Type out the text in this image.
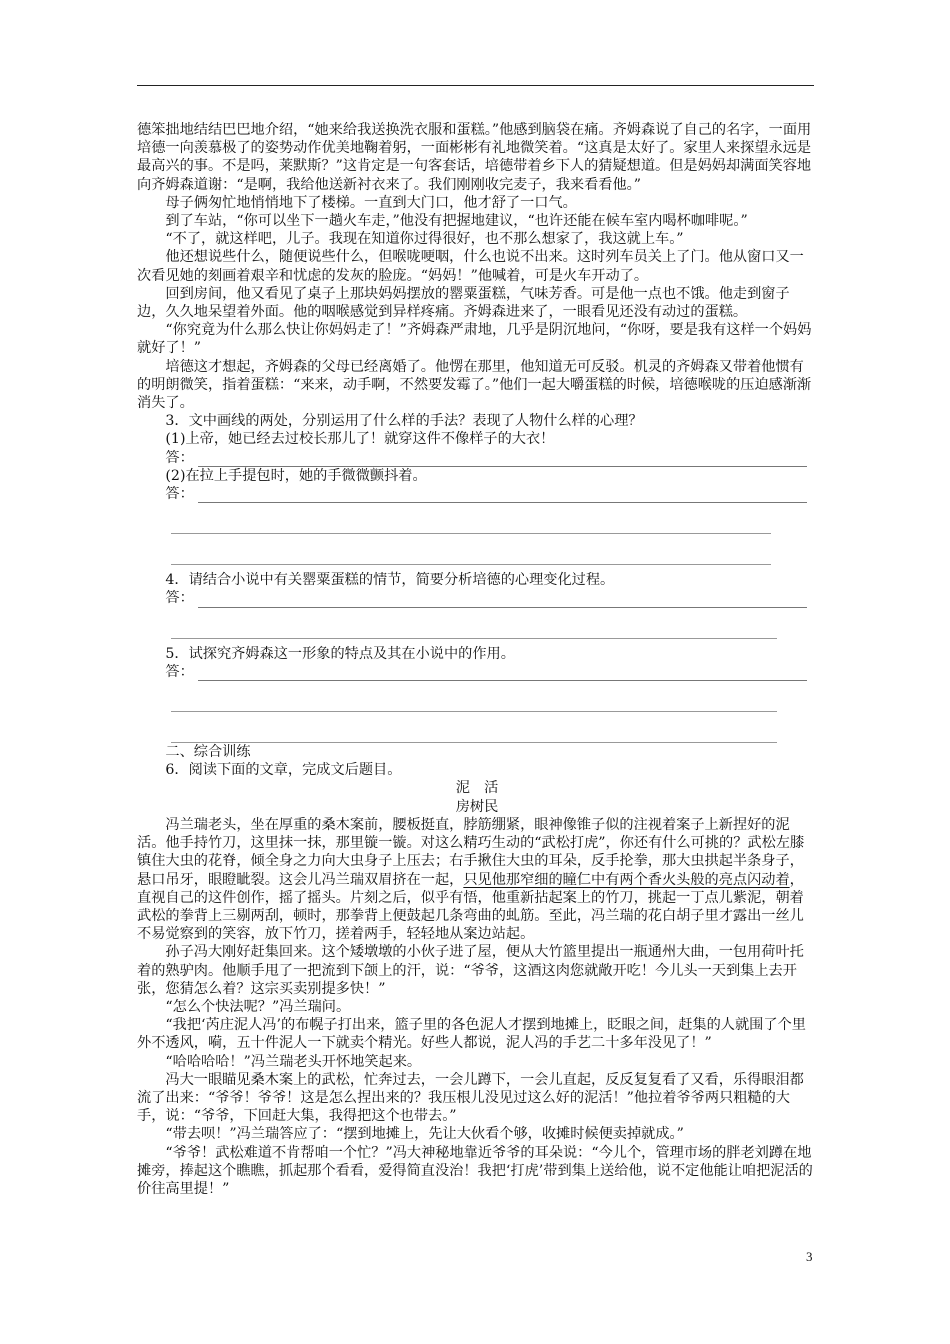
德笨拙地结结巴巴地介绍，“她来给我送换洗衣服和蛋糕。”他感到脑袋在痛。齐姆森说了自己的名字，一面用培德一向羡慕极了的姿势动作优美地鞠着躬，一面彬彬有礼地微笑着。“这真是太好了。家里人来探望永远是最高兴的事。不是吗，莱默斯？”这肯定是一句客套话，培德带着乡下人的猜疑想道。但是妈妈却满面笑容地向齐姆森道谢：“是啊，我给他送新衬衣来了。我们刚刚收完麦子，我来看看他。”

母子俩匆忙地悄悄地下了楼梯。一直到大门口，他才舒了一口气。

到了车站，“你可以坐下一趟火车走，”他没有把握地建议，“也许还能在候车室内喝杯咖啡呢。”

“不了，就这样吧，儿子。我现在知道你过得很好，也不那么想家了，我这就上车。”

他还想说些什么，随便说些什么，但喉咙哽咽，什么也说不出来。这时列车员关上了门。他从窗口又一次看见她的刻画着艰辛和忧虑的发灰的脸庞。“妈妈！”他喊着，可是火车开动了。

回到房间，他又看见了桌子上那块妈妈摆放的罂粟蛋糕，气味芳香。可是他一点也不饿。他走到窗子边，久久地呆望着外面。他的咽喉感觉到异样疼痛。齐姆森进来了，一眼看见还没有动过的蛋糕。

“你究竟为什么那么快让你妈妈走了！”齐姆森严肃地，几乎是阴沉地问，“你呀，要是我有这样一个妈妈就好了！”

培德这才想起，齐姆森的父母已经离婚了。他愣在那里，他知道无可反驳。机灵的齐姆森又带着他惯有的明朗微笑，指着蛋糕：“来来，动手啊，不然要发霉了。”他们一起大嚼蛋糕的时候，培德喉咙的压迫感渐渐消失了。

3．文中画线的两处，分别运用了什么样的手法？表现了人物什么样的心理？

(1)上帝，她已经去过校长那儿了！就穿这件不像样子的大衣！

答：

(2)在拉上手提包时，她的手微微颤抖着。

答：

4．请结合小说中有关罂粟蛋糕的情节，简要分析培德的心理变化过程。

答：

5．试探究齐姆森这一形象的特点及其在小说中的作用。

答：

二、综合训练

6．阅读下面的文章，完成文后题目。

泥　活

房树民

冯兰瑞老头，坐在厚重的桑木案前，腰板挺直，脖筋绷紧，眼神像锥子似的注视着案子上新捏好的泥活。他手持竹刀，这里抹一抹，那里镟一镟。对这么精巧生动的“武松打虎”，你还有什么可挑的？武松左膝镇住大虫的花脊，倾全身之力向大虫身子上压去；右手揪住大虫的耳朵，反手抡拳，那大虫拱起半条身子，悬口吊牙，眼瞪眦裂。这会儿冯兰瑞双眉挤在一起，只见他那窄细的瞳仁中有两个香火头般的亮点闪动着，直视自己的这件创作，摇了摇头。片刻之后，似乎有悟，他重新拈起案上的竹刀，挑起一丁点儿紫泥，朝着武松的拳背上三剔两刮，顿时，那拳背上便鼓起几条弯曲的虬筋。至此，冯兰瑞的花白胡子里才露出一丝儿不易觉察到的笑容，放下竹刀，搓着两手，轻轻地从案边站起。

孙子冯大刚好赶集回来。这个矮墩墩的小伙子进了屋，便从大竹篮里提出一瓶通州大曲，一包用荷叶托着的熟驴肉。他顺手甩了一把流到下颌上的汗，说：“爷爷，这酒这肉您就敞开吃！今儿头一天到集上去开张，您猜怎么着？这宗买卖别提多快！”

“怎么个快法呢？”冯兰瑞问。

“我把‘芮庄泥人冯’的布幌子打出来，篮子里的各色泥人才摆到地摊上，眨眼之间，赶集的人就围了个里外不透风，嗬，五十件泥人一下就卖个精光。好些人都说，泥人冯的手艺二十多年没见了！”

“哈哈哈哈！”冯兰瑞老头开怀地笑起来。

冯大一眼瞄见桑木案上的武松，忙奔过去，一会儿蹲下，一会儿直起，反反复复看了又看，乐得眼泪都流了出来：“爷爷！爷爷！这是怎么捏出来的？我压根儿没见过这么好的泥活！”他拉着爷爷两只粗糙的大手，说：“爷爷，下回赶大集，我得把这个也带去。”

“带去呗！”冯兰瑞答应了：“摆到地摊上，先让大伙看个够，收摊时候便卖掉就成。”

“爷爷！武松难道不肯帮咱一个忙？”冯大神秘地靠近爷爷的耳朵说：“今儿个，管理市场的胖老刘蹲在地摊旁，捧起这个瞧瞧，抓起那个看看，爱得简直没治！我把‘打虎’带到集上送给他，说不定他能让咱把泥活的价往高里提！”

3
